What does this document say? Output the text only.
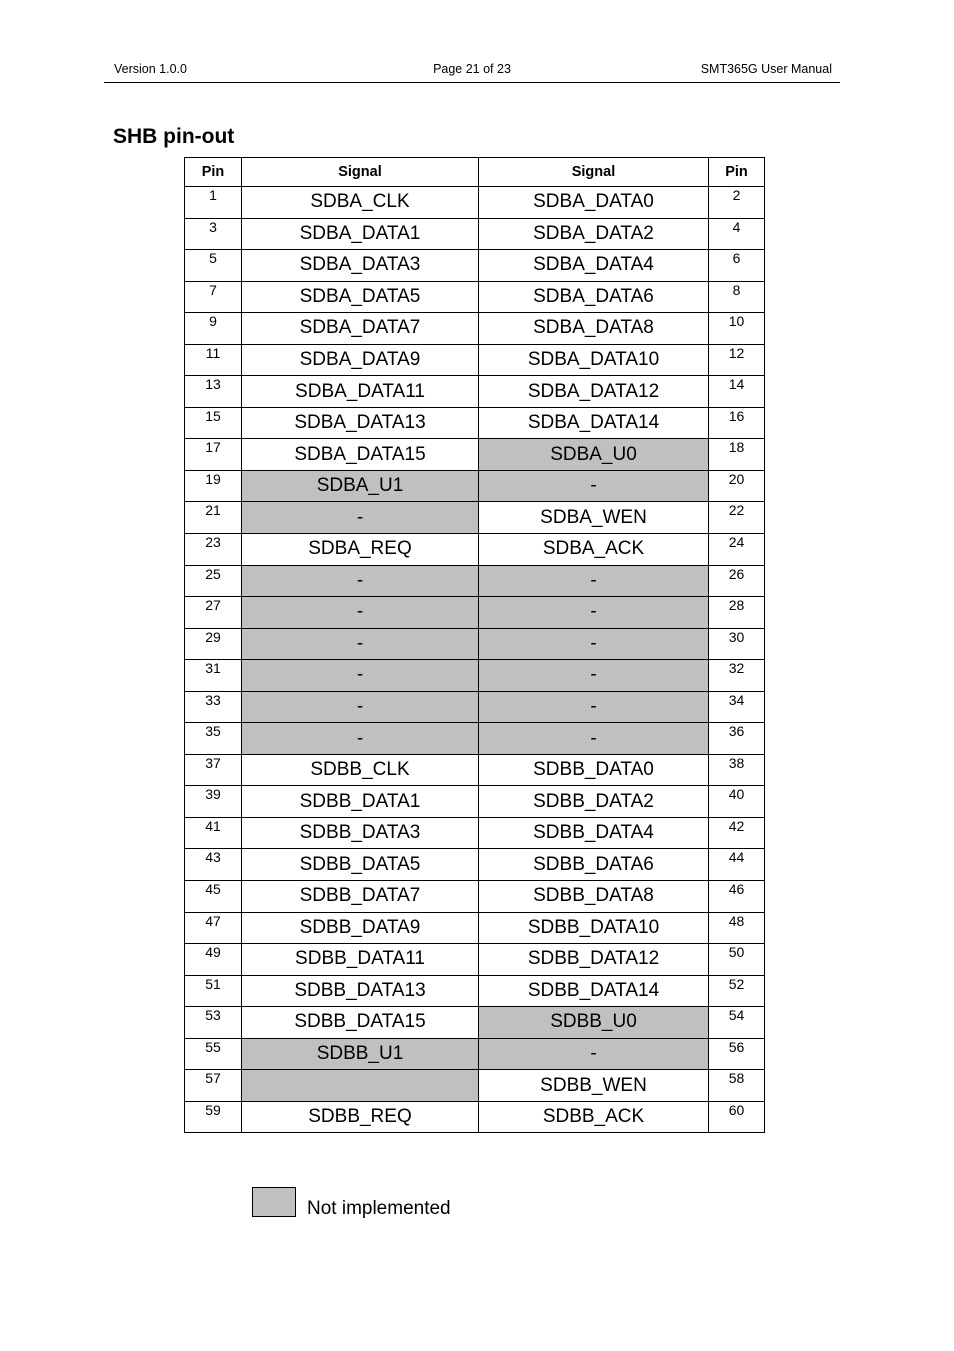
Version 1.0.0	Page 21 of 23	SMT365G User Manual
SHB pin-out
Pin	Signal	Signal	Pin
1	SDBA_CLK	SDBA_DATA0	2
3	SDBA_DATA1	SDBA_DATA2	4
5	SDBA_DATA3	SDBA_DATA4	6
7	SDBA_DATA5	SDBA_DATA6	8
9	SDBA_DATA7	SDBA_DATA8	10
11	SDBA_DATA9	SDBA_DATA10	12
13	SDBA_DATA11	SDBA_DATA12	14
15	SDBA_DATA13	SDBA_DATA14	16
17	SDBA_DATA15	SDBA_U0	18
19	SDBA_U1	-	20
21	-	SDBA_WEN	22
23	SDBA_REQ	SDBA_ACK	24
25	-	-	26
27	-	-	28
29	-	-	30
31	-	-	32
33	-	-	34
35	-	-	36
37	SDBB_CLK	SDBB_DATA0	38
39	SDBB_DATA1	SDBB_DATA2	40
41	SDBB_DATA3	SDBB_DATA4	42
43	SDBB_DATA5	SDBB_DATA6	44
45	SDBB_DATA7	SDBB_DATA8	46
47	SDBB_DATA9	SDBB_DATA10	48
49	SDBB_DATA11	SDBB_DATA12	50
51	SDBB_DATA13	SDBB_DATA14	52
53	SDBB_DATA15	SDBB_U0	54
55	SDBB_U1	-	56
57		SDBB_WEN	58
59	SDBB_REQ	SDBB_ACK	60
Not implemented
